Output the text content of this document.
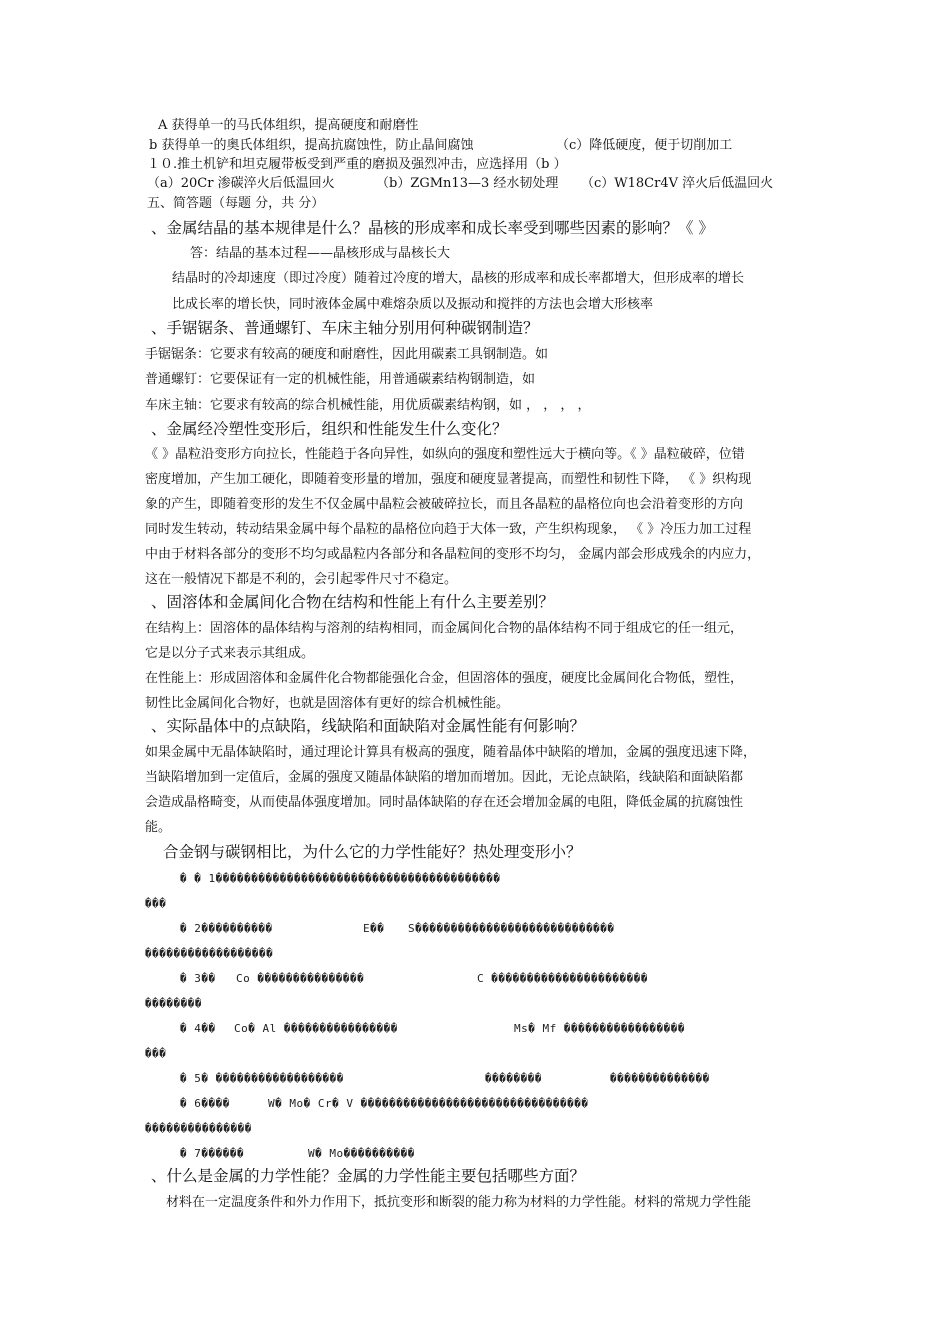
A 获得单一的马氏体组织，提高硬度和耐磨性
b 获得单一的奥氏体组织，提高抗腐蚀性，防止晶间腐蚀	（c）降低硬度，便于切削加工
１０.推土机铲和坦克履带板受到严重的磨损及强烈冲击，应选择用（b ）
（a）20Cr 渗碳淬火后低温回火	（b）ZGMn13—3 经水韧处理 （c）W18Cr4V 淬火后低温回火
五、简答题（每题 分，共 分）
、金属结晶的基本规律是什么？晶核的形成率和成长率受到哪些因素的影响？《 》
答：结晶的基本过程——晶核形成与晶核长大
结晶时的冷却速度（即过冷度）随着过冷度的增大，晶核的形成率和成长率都增大，但形成率的增长
比成长率的增长快，同时液体金属中难熔杂质以及振动和搅拌的方法也会增大形核率
、手锯锯条、普通螺钉、车床主轴分别用何种碳钢制造？
手锯锯条：它要求有较高的硬度和耐磨性，因此用碳素工具钢制造。如
普通螺钉：它要保证有一定的机械性能，用普通碳素结构钢制造，如
车床主轴：它要求有较高的综合机械性能，用优质碳素结构钢，如 ， ， ， ，
、金属经冷塑性变形后，组织和性能发生什么变化？
《 》晶粒沿变形方向拉长，性能趋于各向异性，如纵向的强度和塑性远大于横向等。《 》晶粒破碎，位错
密度增加，产生加工硬化，即随着变形量的增加，强度和硬度显著提高，而塑性和韧性下降， 《 》织构现
象的产生，即随着变形的发生不仅金属中晶粒会被破碎拉长，而且各晶粒的晶格位向也会沿着变形的方向
同时发生转动，转动结果金属中每个晶粒的晶格位向趋于大体一致，产生织构现象， 《 》冷压力加工过程
中由于材料各部分的变形不均匀或晶粒内各部分和各晶粒间的变形不均匀， 金属内部会形成残余的内应力，
这在一般情况下都是不利的，会引起零件尺寸不稳定。
、固溶体和金属间化合物在结构和性能上有什么主要差别？
在结构上：固溶体的晶体结构与溶剂的结构相同，而金属间化合物的晶体结构不同于组成它的任一组元，
它是以分子式来表示其组成。
在性能上：形成固溶体和金属件化合物都能强化合金，但固溶体的强度，硬度比金属间化合物低，塑性，
韧性比金属间化合物好，也就是固溶体有更好的综合机械性能。
、实际晶体中的点缺陷，线缺陷和面缺陷对金属性能有何影响？
如果金属中无晶体缺陷时，通过理论计算具有极高的强度，随着晶体中缺陷的增加，金属的强度迅速下降，
当缺陷增加到一定值后，金属的强度又随晶体缺陷的增加而增加。因此，无论点缺陷，线缺陷和面缺陷都
会造成晶格畸变，从而使晶体强度增加。同时晶体缺陷的存在还会增加金属的电阻，降低金属的抗腐蚀性
能。
合金钢与碳钢相比，为什么它的力学性能好？热处理变形小？
� � 1����������������������������������������
���
� 2����������	E�� S����������������������������
������������������
� 3�� Co ���������������	C ����������������������
��������
� 4�� Co� Al ����������������	Ms� Mf �����������������
���
� 5� ������������������	��������	��������������
� 6����	W� Mo� Cr� V ��������������������������������
���������������
� 7������	W� Mo����������
、什么是金属的力学性能？金属的力学性能主要包括哪些方面？
材料在一定温度条件和外力作用下，抵抗变形和断裂的能力称为材料的力学性能。材料的常规力学性能
